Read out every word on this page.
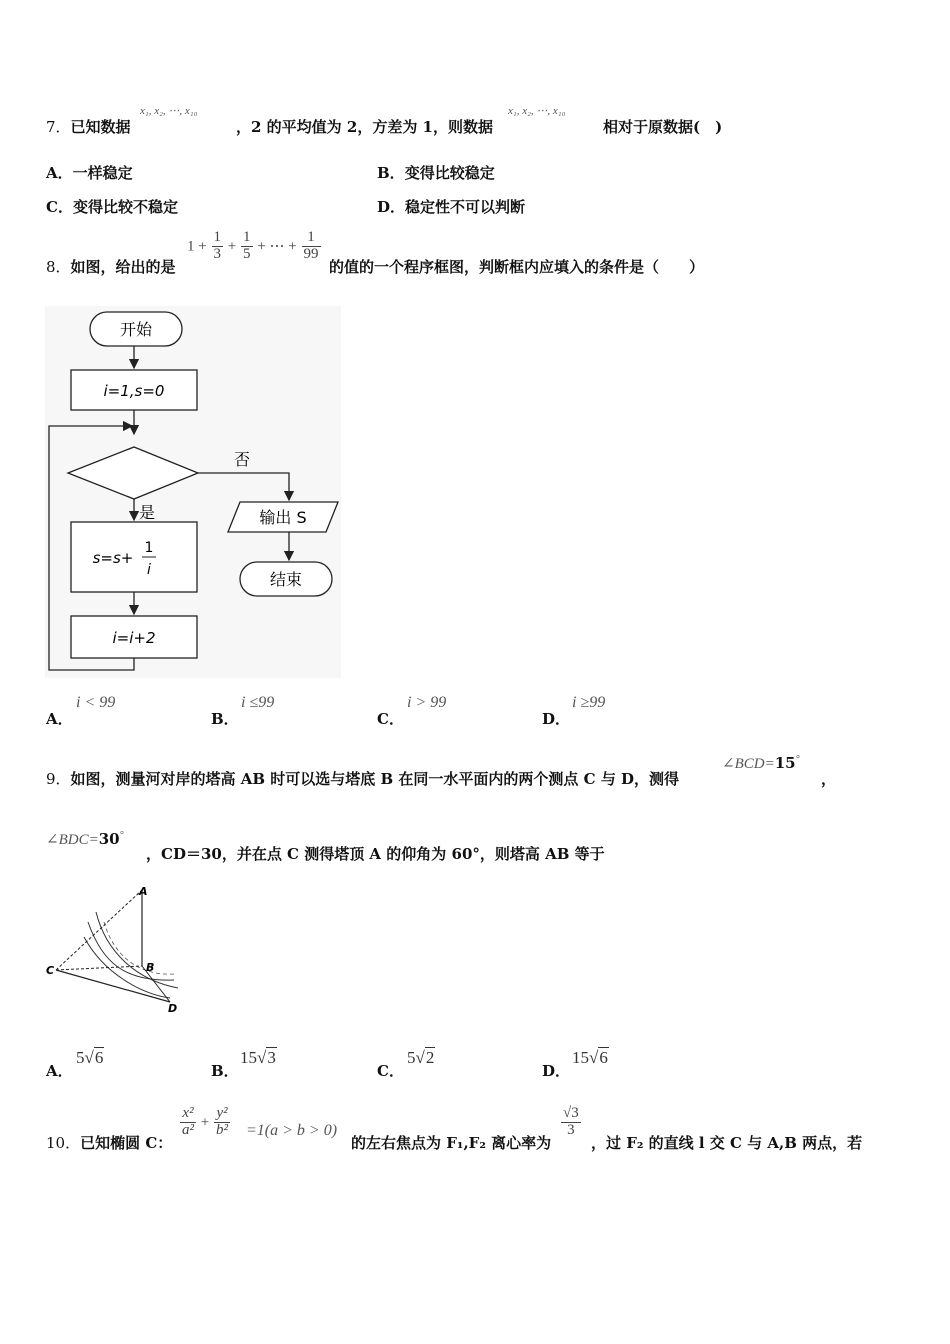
7．已知数据
x₁, x₂, ⋯, x₁₀
，2 的平均值为 2，方差为 1，则数据
x₁, x₂, ⋯, x₁₀
相对于原数据(　)
A．一样稳定	B．变得比较稳定
C．变得比较不稳定	D．稳定性不可以判断
8．如图，给出的是
$1 + \frac{1}{3} + \frac{1}{5}$ + ⋯ + $\frac{1}{99}$
的值的一个程序框图，判断框内应填入的条件是（　　）
开始
i=1,s=0
否
输出 S
结束
是
s=s+
1
i
i=i+2
A．
i < 99
B．
i ≤99
C．
i > 99
D．
i ≥99
9．如图，测量河对岸的塔高 AB 时可以选与塔底 B 在同一水平面内的两个测点 C 与 D，测得
∠BCD=15°
，
∠BDC=30°
，CD＝30，并在点 C 测得塔顶 A 的仰角为 60°，则塔高 AB 等于
A
B
C
D
A．
5√6
B．
15√3
C．
5√2
D．
15√6
10．已知椭圆 C：
$\frac{\text{x²}}{\text{a²}} + \frac{\text{y²}}{\text{b²}} =1(a > b > 0)$
的左右焦点为 F₁,F₂ 离心率为
$\frac{√3}{3}$
，过 F₂ 的直线 l 交 C 与 A,B 两点，若
